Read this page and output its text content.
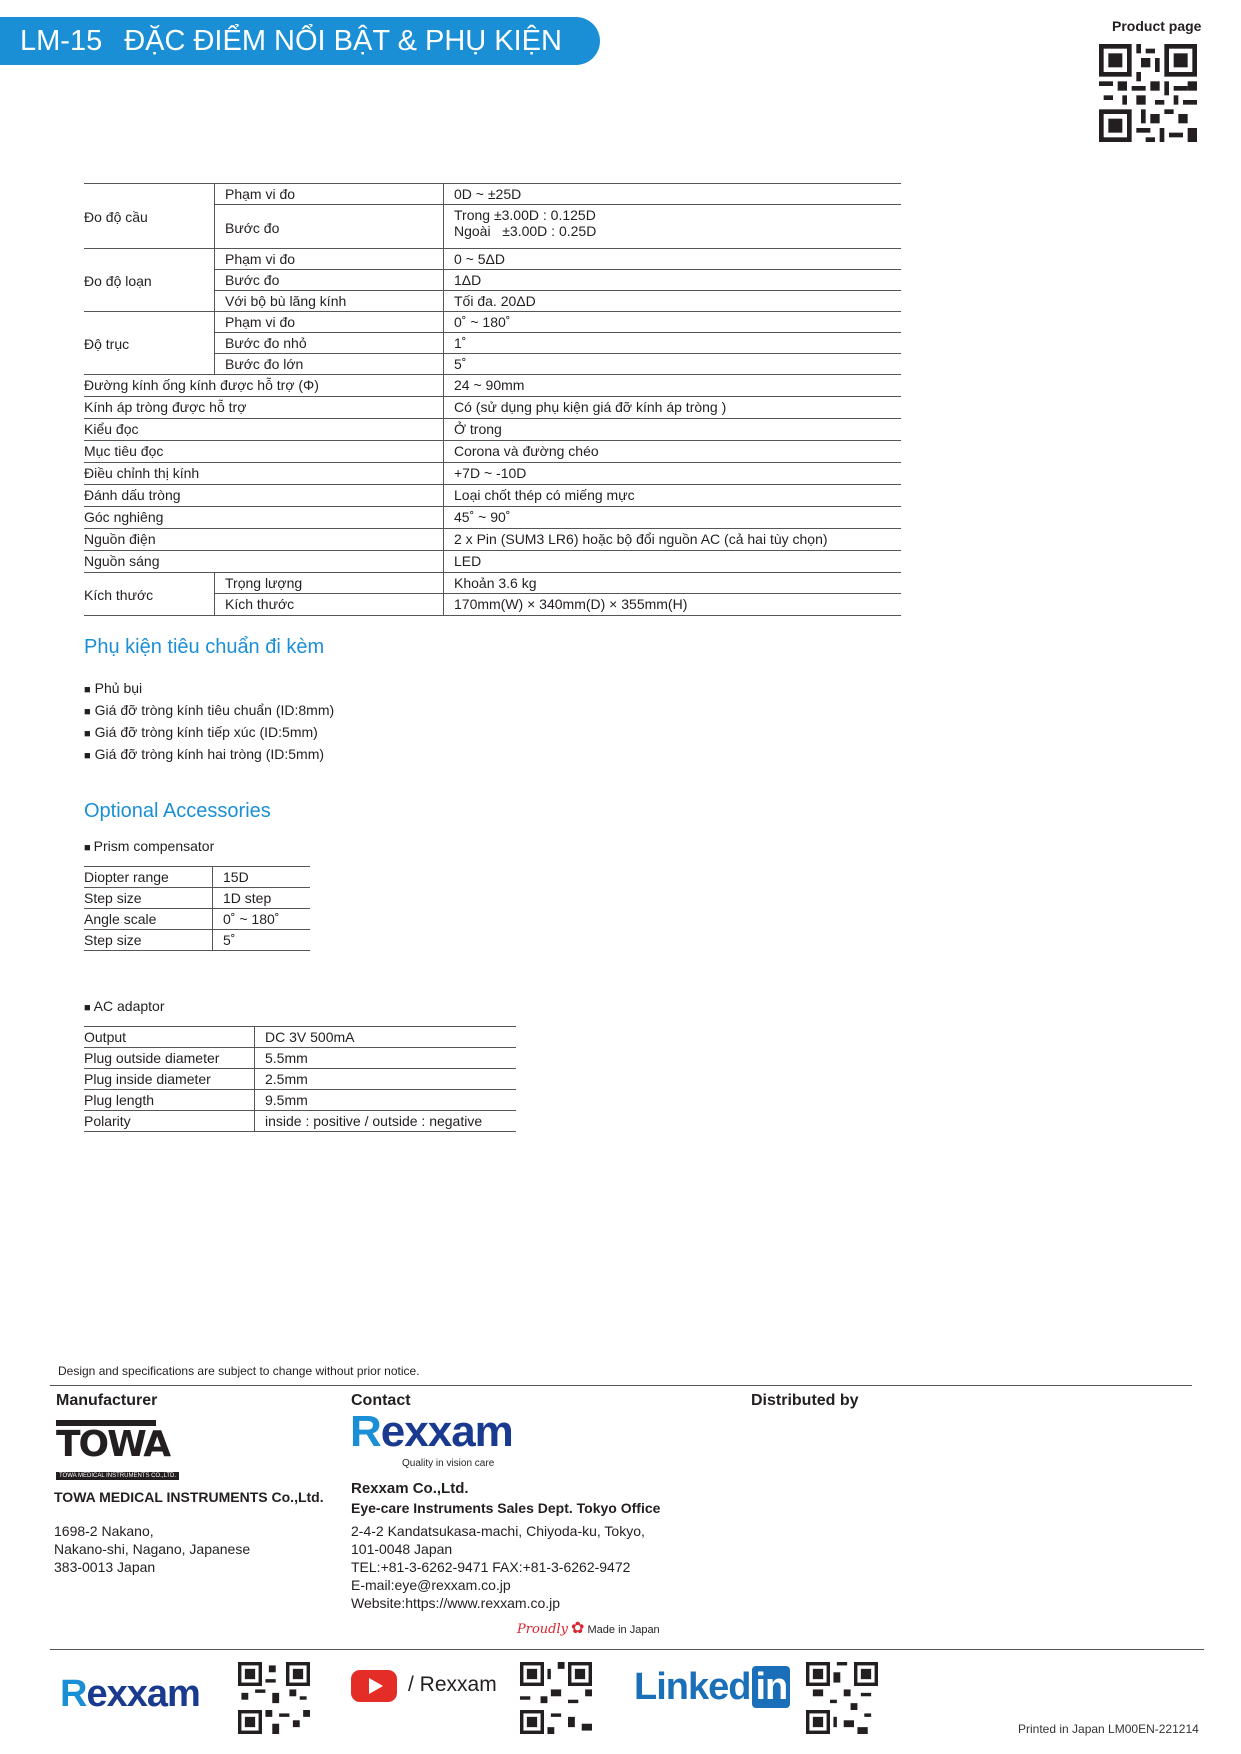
LM-15 ĐẶC ĐIỂM NỔI BẬT & PHỤ KIỆN	Product page
Đo độ cầu	Phạm vi đo	0D ~ ±25D
	Bước đo	Trong ±3.00D : 0.125D
Ngoài   ±3.00D : 0.25D

Đo độ loạn	Phạm vi đo	0 ~ 5ΔD
	Bước đo	1ΔD
	Với bộ bù lăng kính	Tối đa. 20ΔD
Độ trục	Phạm vi đo	0˚ ~ 180˚
	Bước đo nhỏ	1˚
	Bước đo lớn	5˚
Đường kính ống kính được hỗ trợ (Φ)		24 ~ 90mm
Kính áp tròng được hỗ trợ		Có (sử dụng phụ kiện giá đỡ kính áp tròng )
Kiểu đọc		Ở trong
Mục tiêu đọc		Corona và đường chéo
Điều chỉnh thị kính		+7D ~ -10D
Đánh dấu tròng		Loại chốt thép có miếng mực
Góc nghiêng		45˚ ~ 90˚
Nguồn điện		2 x Pin (SUM3 LR6) hoặc bộ đổi nguồn AC (cả hai tùy chọn)
Nguồn sáng		LED
Kích thước	Trọng lượng	Khoản 3.6 kg
	Kích thước	170mm(W) × 340mm(D) × 355mm(H)
Phụ kiện tiêu chuẩn đi kèm
■ Phủ bụi
■ Giá đỡ tròng kính tiêu chuẩn (ID:8mm)
■ Giá đỡ tròng kính tiếp xúc (ID:5mm)
■ Giá đỡ tròng kính hai tròng (ID:5mm)
Optional Accessories
■ Prism compensator
Diopter range	15D
Step size	1D step
Angle scale	0˚ ~ 180˚
Step size	5˚
■ AC adaptor
Output	DC 3V 500mA
Plug outside diameter	5.5mm
Plug inside diameter	2.5mm
Plug length	9.5mm
Polarity	inside : positive / outside : negative
Design and specifications are subject to change without prior notice.
Manufacturer
TOWA
TOWA MEDICAL INSTRUMENTS CO.,LTD.
TOWA MEDICAL INSTRUMENTS Co.,Ltd.
1698-2 Nakano,
Nakano-shi, Nagano, Japanese
383-0013 Japan
Contact
Rexxam
Quality in vision care
Rexxam Co.,Ltd.
Eye-care Instruments Sales Dept. Tokyo Office
2-4-2 Kandatsukasa-machi, Chiyoda-ku, Tokyo,
101-0048 Japan
TEL:+81-3-6262-9471 FAX:+81-3-6262-9472
E-mail:eye@rexxam.co.jp
Website:https://www.rexxam.co.jp
Proudly ✿ Made in Japan
Distributed by
Rexxam	/ Rexxam	Linked in
Printed in Japan LM00EN-221214
